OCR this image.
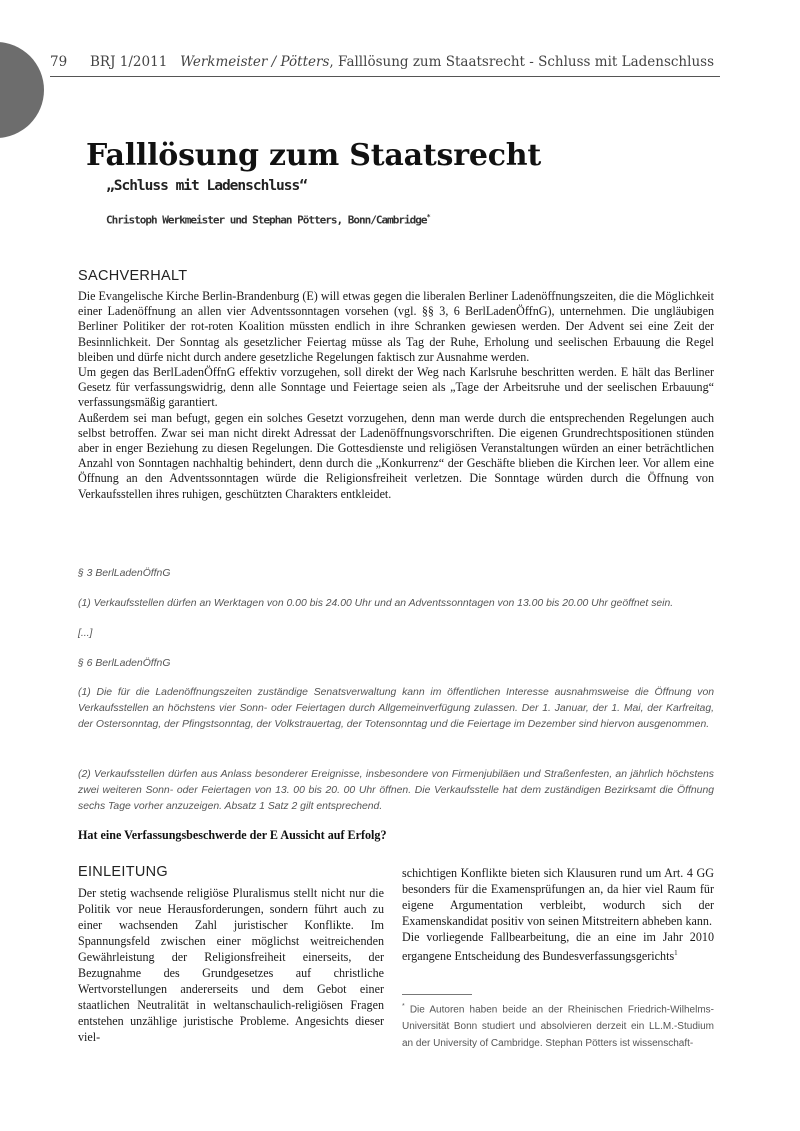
79 BRJ 1/2011 Werkmeister / Pötters, Falllösung zum Staatsrecht - Schluss mit Ladenschluss
Falllösung zum Staatsrecht
„Schluss mit Ladenschluss“
Christoph Werkmeister und Stephan Pötters, Bonn/Cambridge*
SACHVERHALT

Die Evangelische Kirche Berlin-Brandenburg (E) will etwas gegen die liberalen Berliner Ladenöffnungszeiten, die die Möglichkeit einer Ladenöffnung an allen vier Adventssonntagen vorsehen (vgl. §§ 3, 6 BerlLadenÖffnG), unternehmen. Die ungläubigen Berliner Politiker der rot-roten Koalition müssten endlich in ihre Schranken gewiesen werden. Der Advent sei eine Zeit der Besinnlichkeit. Der Sonntag als gesetzlicher Feiertag müsse als Tag der Ruhe, Erholung und seelischen Erbauung die Regel bleiben und dürfe nicht durch andere gesetzliche Regelungen faktisch zur Ausnahme werden.

Um gegen das BerlLadenÖffnG effektiv vorzugehen, soll direkt der Weg nach Karlsruhe beschritten werden. E hält das Berliner Gesetz für verfassungswidrig, denn alle Sonntage und Feiertage seien als „Tage der Arbeitsruhe und der seelischen Erbauung“ verfassungsmäßig garantiert.

Außerdem sei man befugt, gegen ein solches Gesetzt vorzugehen, denn man werde durch die entsprechenden Regelungen auch selbst betroffen. Zwar sei man nicht direkt Adressat der Ladenöffnungsvorschriften. Die eigenen Grundrechtspositionen stünden aber in enger Beziehung zu diesen Regelungen. Die Gottesdienste und religiösen Veranstaltungen würden an einer beträchtlichen Anzahl von Sonntagen nachhaltig behindert, denn durch die „Konkurrenz“ der Geschäfte blieben die Kirchen leer. Vor allem eine Öffnung an den Adventssonntagen würde die Religionsfreiheit verletzen. Die Sonntage würden durch die Öffnung von Verkaufsstellen ihres ruhigen, geschützten Charakters entkleidet.

§ 3 BerlLadenÖffnG
(1) Verkaufsstellen dürfen an Werktagen von 0.00 bis 24.00 Uhr und an Adventssonntagen von 13.00 bis 20.00 Uhr geöffnet sein.
[...]
§ 6 BerlLadenÖffnG
(1) Die für die Ladenöffnungszeiten zuständige Senatsverwaltung kann im öffentlichen Interesse ausnahmsweise die Öffnung von Verkaufsstellen an höchstens vier Sonn- oder Feiertagen durch Allgemeinverfügung zulassen. Der 1. Januar, der 1. Mai, der Karfreitag, der Ostersonntag, der Pfingstsonntag, der Volkstrauertag, der Totensonntag und die Feiertage im Dezember sind hiervon ausgenommen.
(2) Verkaufsstellen dürfen aus Anlass besonderer Ereignisse, insbesondere von Firmenjubiläen und Straßenfesten, an jährlich höchstens zwei weiteren Sonn- oder Feiertagen von 13. 00 bis 20. 00 Uhr öffnen. Die Verkaufsstelle hat dem zuständigen Bezirksamt die Öffnung sechs Tage vorher anzuzeigen. Absatz 1 Satz 2 gilt entsprechend.
Hat eine Verfassungsbeschwerde der E Aussicht auf Erfolg?
EINLEITUNG

Der stetig wachsende religiöse Pluralismus stellt nicht nur die Politik vor neue Herausforderungen, sondern führt auch zu einer wachsenden Zahl juristischer Konflikte. Im Spannungsfeld zwischen einer möglichst weitreichenden Gewährleistung der Religionsfreiheit einerseits, der Bezugnahme des Grundgesetzes auf christliche Wertvorstellungen andererseits und dem Gebot einer staatlichen Neutralität in weltanschaulich-religiösen Fragen entstehen unzählige juristische Probleme. Angesichts dieser viel-

schichtigen Konflikte bieten sich Klausuren rund um Art. 4 GG besonders für die Examensprüfungen an, da hier viel Raum für eigene Argumentation verbleibt, wodurch sich der Examenskandidat positiv von seinen Mitstreitern abheben kann.

Die vorliegende Fallbearbeitung, die an eine im Jahr 2010 ergangene Entscheidung des Bundesverfassungsgerichts$^1$

* Die Autoren haben beide an der Rheinischen Friedrich-Wilhelms-Universität Bonn studiert und absolvieren derzeit ein LL.M.-Studium an der University of Cambridge. Stephan Pötters ist wissenschaft-
